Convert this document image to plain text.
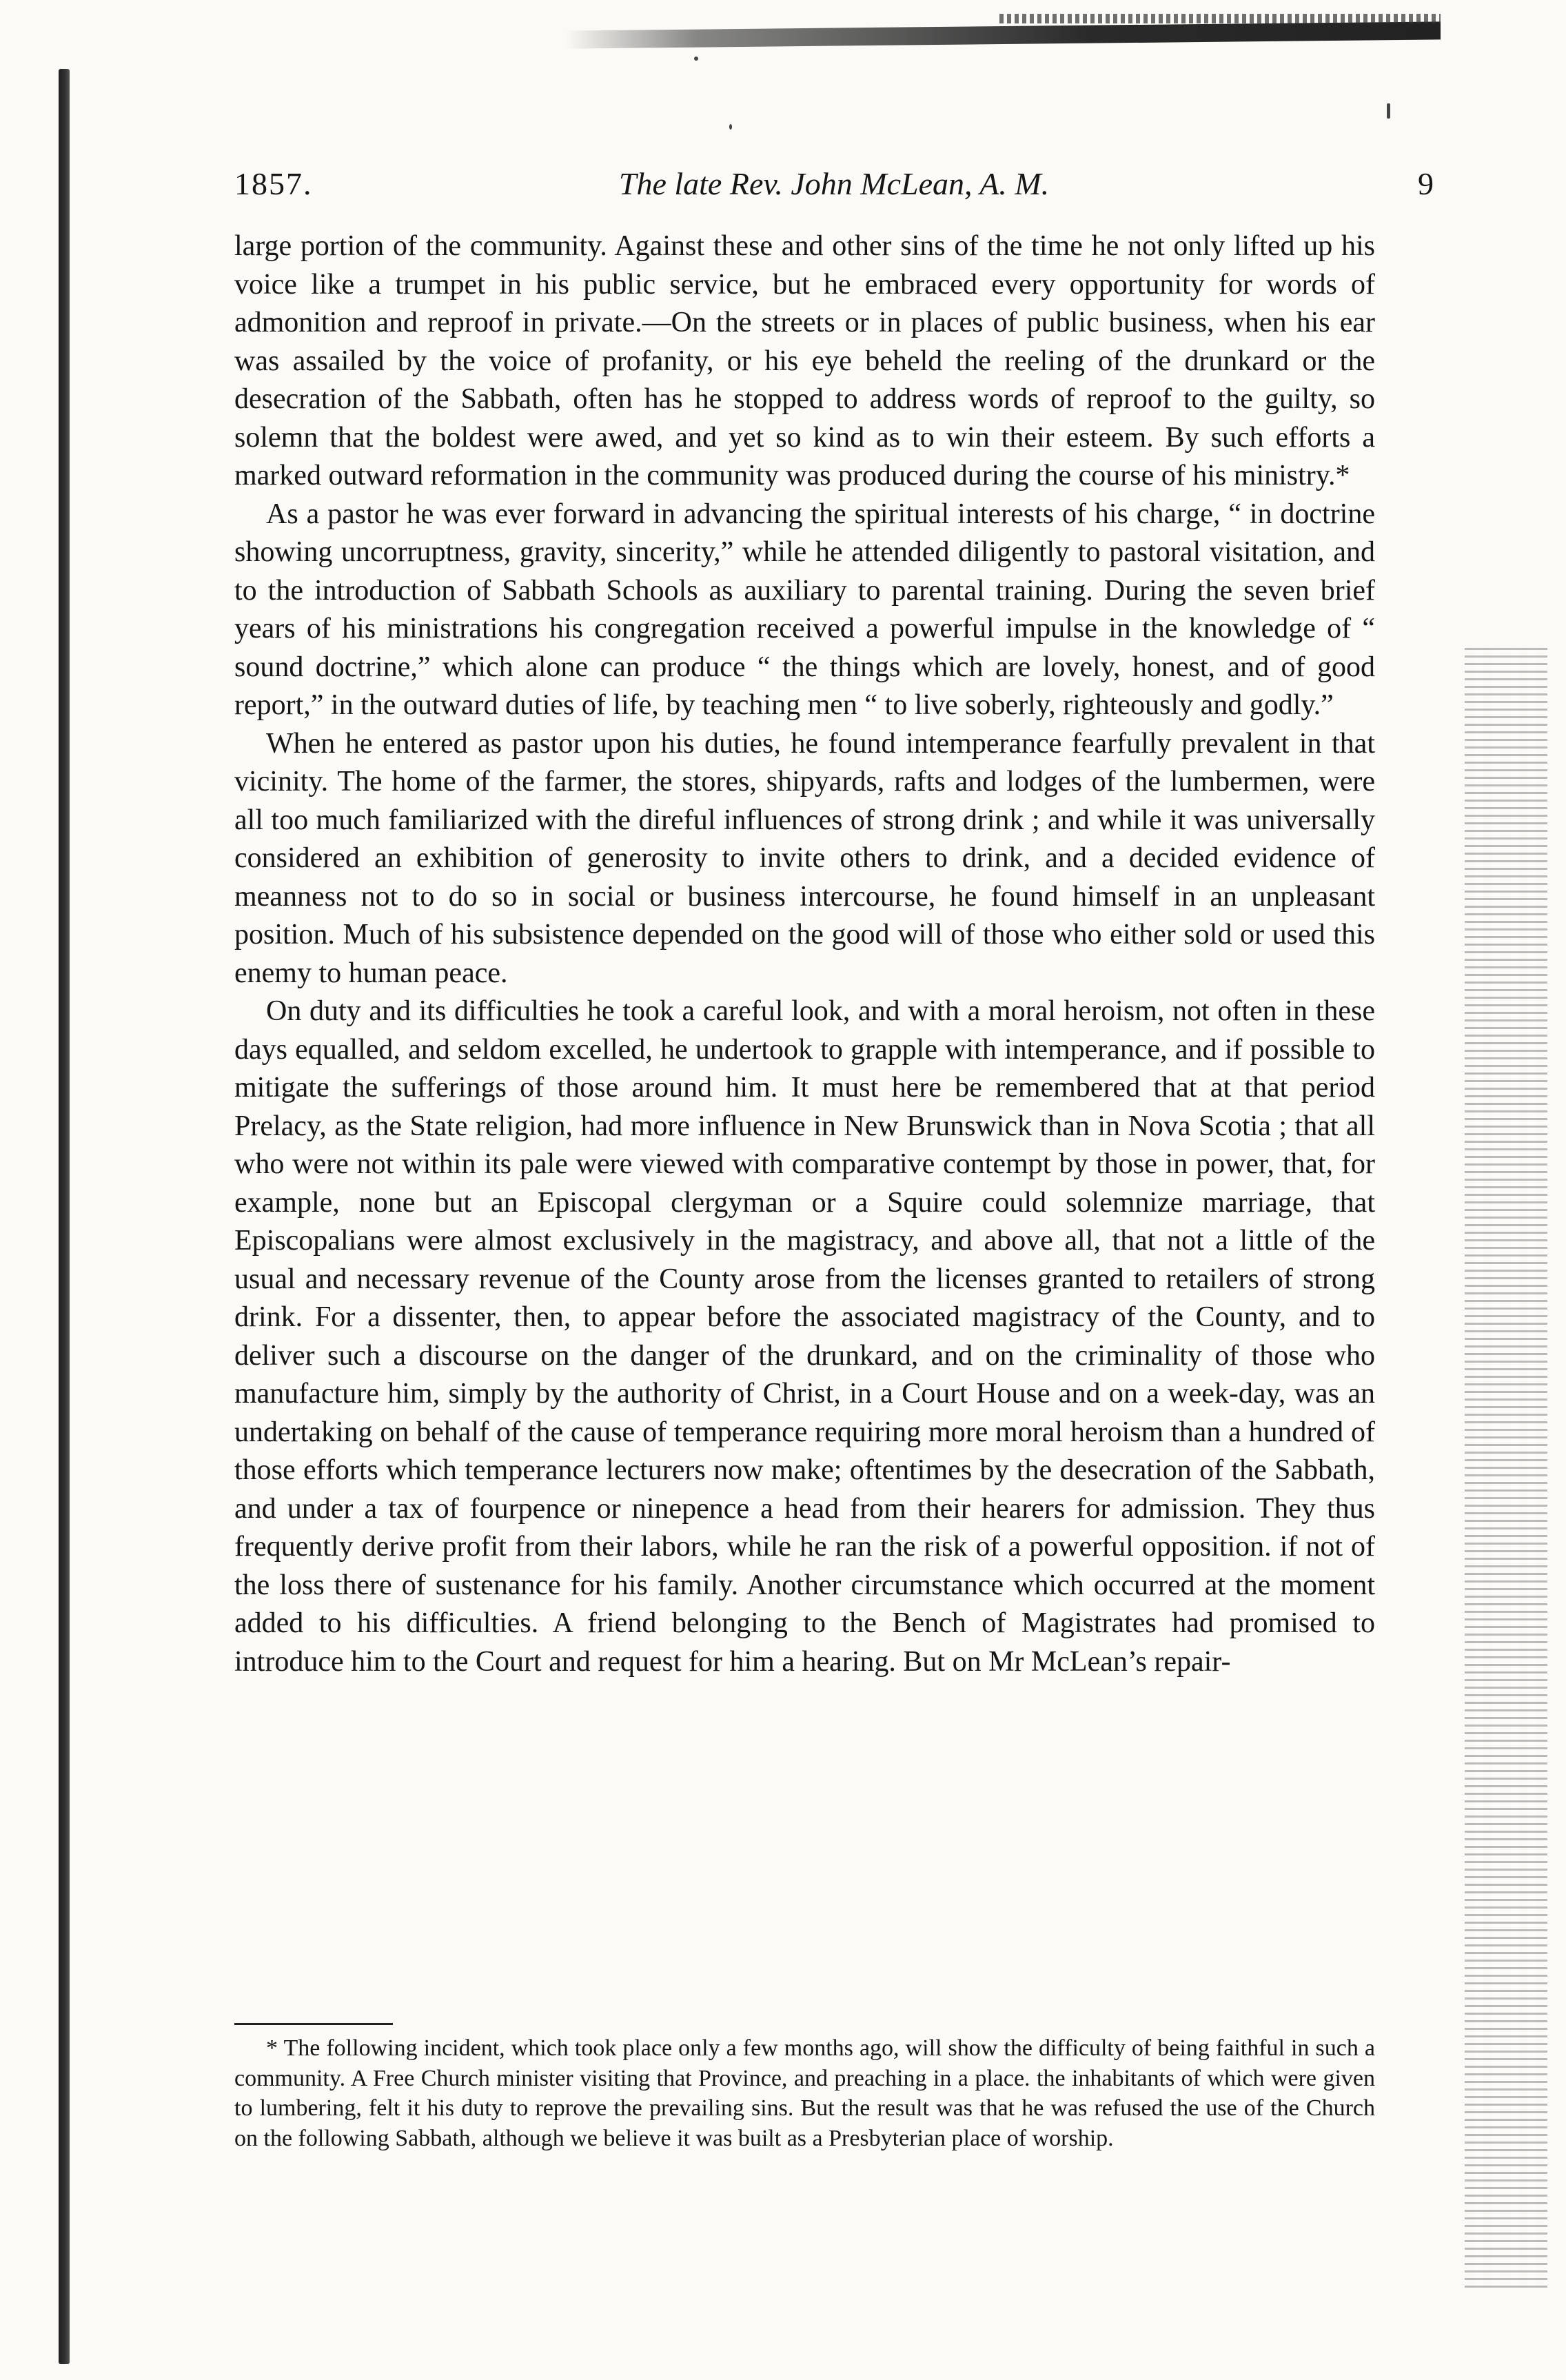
1857.	The late Rev. John McLean, A. M.	9

large portion of the community. Against these and other sins of the time he not only lifted up his voice like a trumpet in his public service, but he embraced every opportunity for words of admonition and reproof in private.—On the streets or in places of public business, when his ear was assailed by the voice of profanity, or his eye beheld the reeling of the drunkard or the desecration of the Sabbath, often has he stopped to address words of reproof to the guilty, so solemn that the boldest were awed, and yet so kind as to win their esteem. By such efforts a marked outward reformation in the community was produced during the course of his ministry.*

As a pastor he was ever forward in advancing the spiritual interests of his charge, “ in doctrine showing uncorruptness, gravity, sincerity,” while he attended diligently to pastoral visitation, and to the introduction of Sabbath Schools as auxiliary to parental training. During the seven brief years of his ministrations his congregation received a powerful impulse in the knowledge of “ sound doctrine,” which alone can produce “ the things which are lovely, honest, and of good report,” in the outward duties of life, by teaching men “ to live soberly, righteously and godly.”

When he entered as pastor upon his duties, he found intemperance fearfully prevalent in that vicinity. The home of the farmer, the stores, shipyards, rafts and lodges of the lumbermen, were all too much familiarized with the direful influences of strong drink ; and while it was universally considered an exhibition of generosity to invite others to drink, and a decided evidence of meanness not to do so in social or business intercourse, he found himself in an unpleasant position. Much of his subsistence depended on the good will of those who either sold or used this enemy to human peace.

On duty and its difficulties he took a careful look, and with a moral heroism, not often in these days equalled, and seldom excelled, he undertook to grapple with intemperance, and if possible to mitigate the sufferings of those around him. It must here be remembered that at that period Prelacy, as the State religion, had more influence in New Brunswick than in Nova Scotia ; that all who were not within its pale were viewed with comparative contempt by those in power, that, for example, none but an Episcopal clergyman or a Squire could solemnize marriage, that Episcopalians were almost exclusively in the magistracy, and above all, that not a little of the usual and necessary revenue of the County arose from the licenses granted to retailers of strong drink. For a dissenter, then, to appear before the associated magistracy of the County, and to deliver such a discourse on the danger of the drunkard, and on the criminality of those who manufacture him, simply by the authority of Christ, in a Court House and on a week-day, was an undertaking on behalf of the cause of temperance requiring more moral heroism than a hundred of those efforts which temperance lecturers now make; oftentimes by the desecration of the Sabbath, and under a tax of fourpence or ninepence a head from their hearers for admission. They thus frequently derive profit from their labors, while he ran the risk of a powerful opposition. if not of the loss there of sustenance for his family. Another circumstance which occurred at the moment added to his difficulties. A friend belonging to the Bench of Magistrates had promised to introduce him to the Court and request for him a hearing. But on Mr McLean’s repair-

* The following incident, which took place only a few months ago, will show the difficulty of being faithful in such a community. A Free Church minister visiting that Province, and preaching in a place. the inhabitants of which were given to lumbering, felt it his duty to reprove the prevailing sins. But the result was that he was refused the use of the Church on the following Sabbath, although we believe it was built as a Presbyterian place of worship.
